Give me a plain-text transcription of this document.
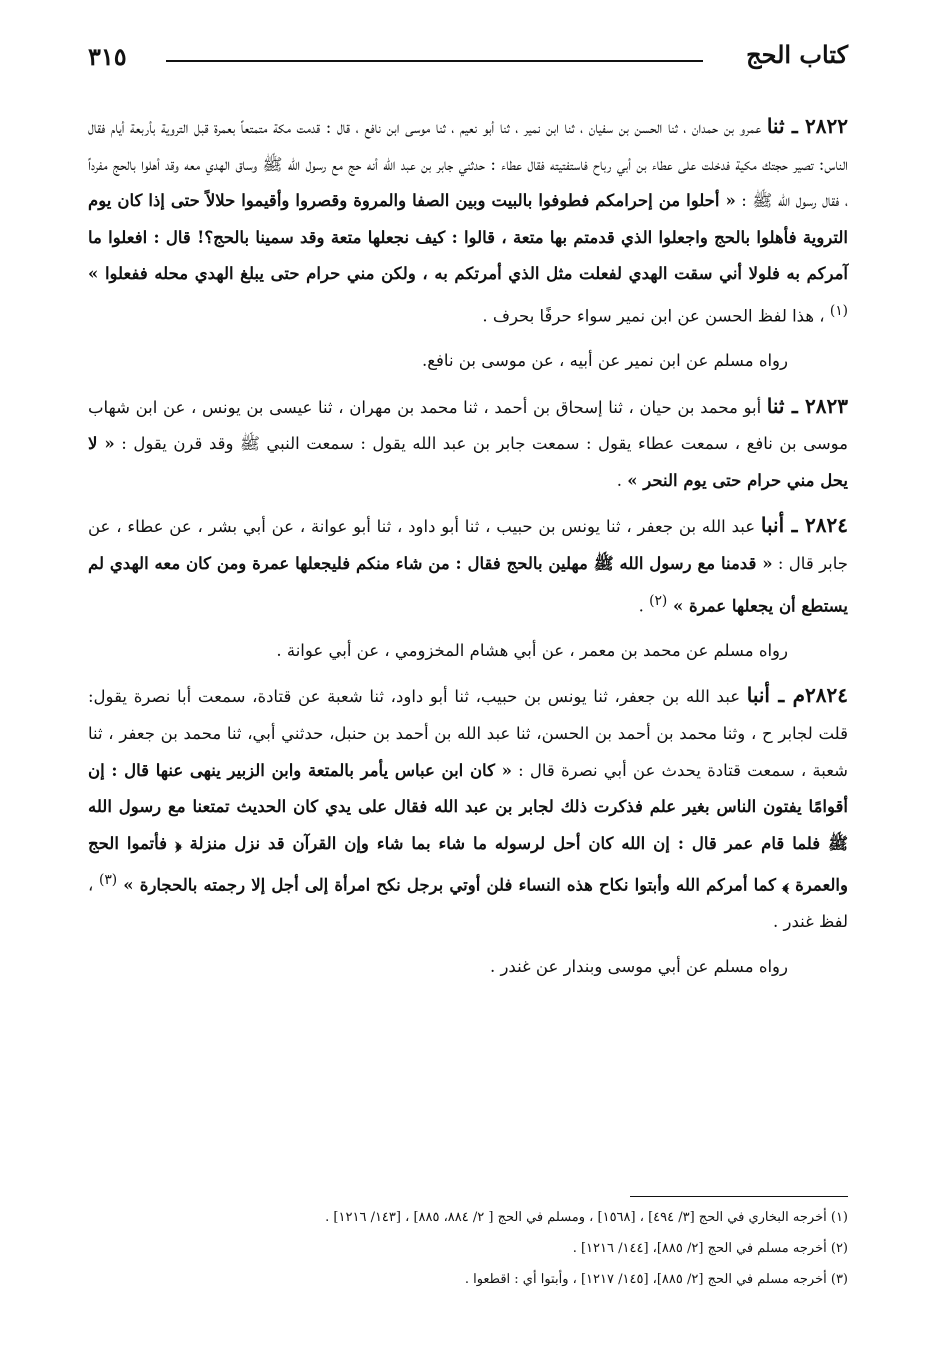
٣١٥	كتاب الحج

٢٨٢٢ ـ ثنا عمرو بن حمدان ، ثنا الحسن بن سفيان ، ثنا ابن نمير ، ثنا أبو نعيم ، ثنا موسى ابن نافع ، قال : قدمت مكة متمتعاً بعمرة قبل التروية بأربعة أيام فقال الناس: تصير حجتك مكية فدخلت على عطاء بن أبي رباح فاستفتيته فقال عطاء : حدثني جابر بن عبد الله أنه حج مع رسول الله ﷺ وساق الهدي معه وقد أهلوا بالحج مفرداً ، فقال رسول الله ﷺ : « أحلوا من إحرامكم فطوفوا بالبيت وبين الصفا والمروة وقصروا وأقيموا حلالاً حتى إذا كان يوم التروية فأهلوا بالحج واجعلوا الذي قدمتم بها متعة ، قالوا : كيف نجعلها متعة وقد سمينا بالحج؟! قال : افعلوا ما آمركم به فلولا أني سقت الهدي لفعلت مثل الذي أمرتكم به ، ولكن مني حرام حتى يبلغ الهدي محله ففعلوا » $^{(١)}$ ، هذا لفظ الحسن عن ابن نمير سواء حرفًا بحرف .

رواه مسلم عن ابن نمير عن أبيه ، عن موسى بن نافع.

٢٨٢٣ ـ ثنا أبو محمد بن حيان ، ثنا إسحاق بن أحمد ، ثنا محمد بن مهران ، ثنا عيسى بن يونس ، عن ابن شهاب موسى بن نافع ، سمعت عطاء يقول : سمعت جابر بن عبد الله يقول : سمعت النبي ﷺ وقد قرن يقول : « لا يحل مني حرام حتى يوم النحر » .

٢٨٢٤ ـ أنبا عبد الله بن جعفر ، ثنا يونس بن حبيب ، ثنا أبو داود ، ثنا أبو عوانة ، عن أبي بشر ، عن عطاء ، عن جابر قال : « قدمنا مع رسول الله ﷺ مهلين بالحج فقال : من شاء منكم فليجعلها عمرة ومن كان معه الهدي لم يستطع أن يجعلها عمرة » $^{(٢)}$ .

رواه مسلم عن محمد بن معمر ، عن أبي هشام المخزومي ، عن أبي عوانة .

٢٨٢٤م ـ أنبا عبد الله بن جعفر، ثنا يونس بن حبيب، ثنا أبو داود، ثنا شعبة عن قتادة، سمعت أبا نصرة يقول: قلت لجابر ح ، وثنا محمد بن أحمد بن الحسن، ثنا عبد الله بن أحمد بن حنبل، حدثني أبي، ثنا محمد بن جعفر ، ثنا شعبة ، سمعت قتادة يحدث عن أبي نصرة قال : « كان ابن عباس يأمر بالمتعة وابن الزبير ينهى عنها قال : إن أقوامًا يفتون الناس بغير علم فذكرت ذلك لجابر بن عبد الله فقال على يدي كان الحديث تمتعنا مع رسول الله ﷺ فلما قام عمر قال : إن الله كان أحل لرسوله ما شاء بما شاء وإن القرآن قد نزل منزلة ﴿ فأتموا الحج والعمرة ﴾ كما أمركم الله وأبتوا نكاح هذه النساء فلن أوتي برجل نكح امرأة إلى أجل إلا رجمته بالحجارة » $^{(٣)}$ ، لفظ غندر .

رواه مسلم عن أبي موسى وبندار عن غندر .

(١) أخرجه البخاري في الحج [٣/ ٤٩٤] ، [١٥٦٨] ، ومسلم في الحج [ ٢/ ٨٨٤، ٨٨٥] ، [١٤٣/ ١٢١٦] .

(٢) أخرجه مسلم في الحج [٢/ ٨٨٥]، [١٤٤/ ١٢١٦] .

(٣) أخرجه مسلم في الحج [٢/ ٨٨٥]، [١٤٥/ ١٢١٧] ، وأبتوا أي : اقطعوا .
